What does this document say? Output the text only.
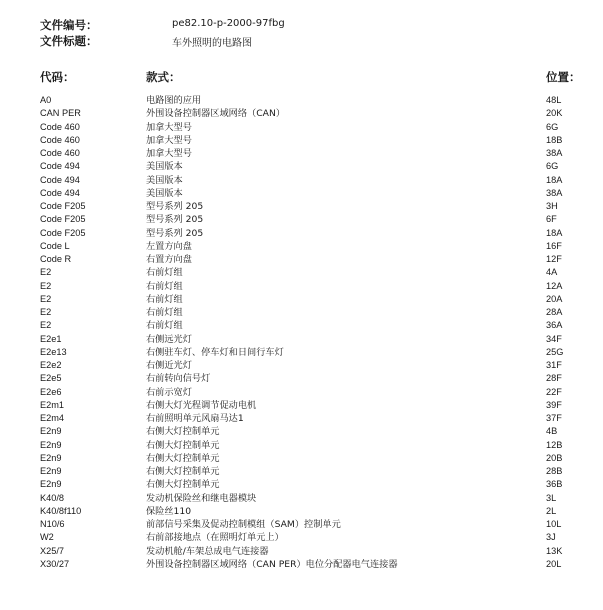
文件编号：	pe82.10-p-2000-97fbg
文件标题：	车外照明的电路图
代码：	款式：	位置：
A0	电路图的应用	48L
CAN PER	外围设备控制器区域网络（CAN）	20K
Code 460	加拿大型号	6G
Code 460	加拿大型号	18B
Code 460	加拿大型号	38A
Code 494	美国版本	6G
Code 494	美国版本	18A
Code 494	美国版本	38A
Code F205	型号系列 205	3H
Code F205	型号系列 205	6F
Code F205	型号系列 205	18A
Code L	左置方向盘	16F
Code R	右置方向盘	12F
E2	右前灯组	4A
E2	右前灯组	12A
E2	右前灯组	20A
E2	右前灯组	28A
E2	右前灯组	36A
E2e1	右侧远光灯	34F
E2e13	右侧驻车灯、停车灯和日间行车灯	25G
E2e2	右侧近光灯	31F
E2e5	右前转向信号灯	28F
E2e6	右前示宽灯	22F
E2m1	右侧大灯光程调节促动电机	39F
E2m4	右前照明单元风扇马达1	37F
E2n9	右侧大灯控制单元	4B
E2n9	右侧大灯控制单元	12B
E2n9	右侧大灯控制单元	20B
E2n9	右侧大灯控制单元	28B
E2n9	右侧大灯控制单元	36B
K40/8	发动机保险丝和继电器模块	3L
K40/8f110	保险丝110	2L
N10/6	前部信号采集及促动控制模组（SAM）控制单元	10L
W2	右前部接地点（在照明灯单元上）	3J
X25/7	发动机舱/车架总成电气连接器	13K
X30/27	外围设备控制器区域网络（CAN PER）电位分配器电气连接器	20L
